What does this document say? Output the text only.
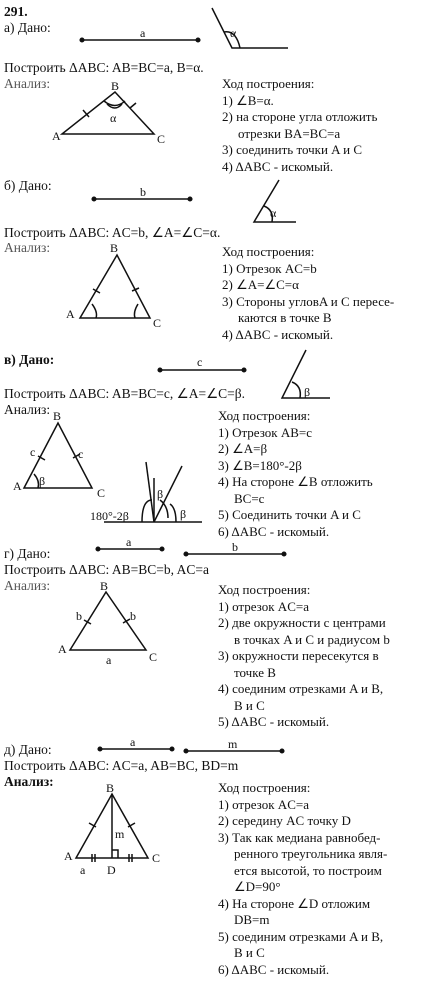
291.
а) Дано:
Построить ΔABC: AB=BC=a, B=α.
Анализ:	Ход построения:
1) ∠B=α.
2) на стороне угла отложить
отрезки BA=BC=a
3) соединить точки A и C
4) ΔABC - искомый.
б) Дано:
Построить ΔABC: AC=b, ∠A=∠C=α.
Анализ:	Ход построения:
1) Отрезок AC=b
2) ∠A=∠C=α
3) Стороны угловA и C пересе-
каются в точке B
4) ΔABC - искомый.
в) Дано:
Построить ΔABC: AB=BC=c, ∠A=∠C=β.
Анализ:	Ход построения:
1) Отрезок AB=c
2) ∠A=β
3) ∠B=180°-2β
4) На стороне ∠B отложить
BC=c
5) Соединить точки A и C
6) ΔABC - искомый.
г) Дано:
Построить ΔABC: AB=BC=b, AC=a
Анализ:	Ход построения:
1) отрезок AC=a
2) две окружности с центрами
в точках A и C и радиусом b
3) окружности пересекутся в
точке B
4) соединим отрезками A и B,
B и C
5) ΔABC - искомый.
д) Дано:
Построить ΔABC: AC=a, AB=BC, BD=m
Анализ:	Ход построения:
1) отрезок AC=a
2) середину AC точку D
3) Так как медиана равнобед-
ренного треугольника явля-
ется высотой, то построим
∠D=90°
4) На стороне ∠D отложим
DB=m
5) соединим отрезками A и B,
B и C
6) ΔABC - искомый.
a	α
A
B
C
α
b
α
A
B
C
c
β
A
B
C
c	c
β
180°-2β
β
β
a	b
A
B
C
b	b
a
a	m
A
B
C
D
m
a
